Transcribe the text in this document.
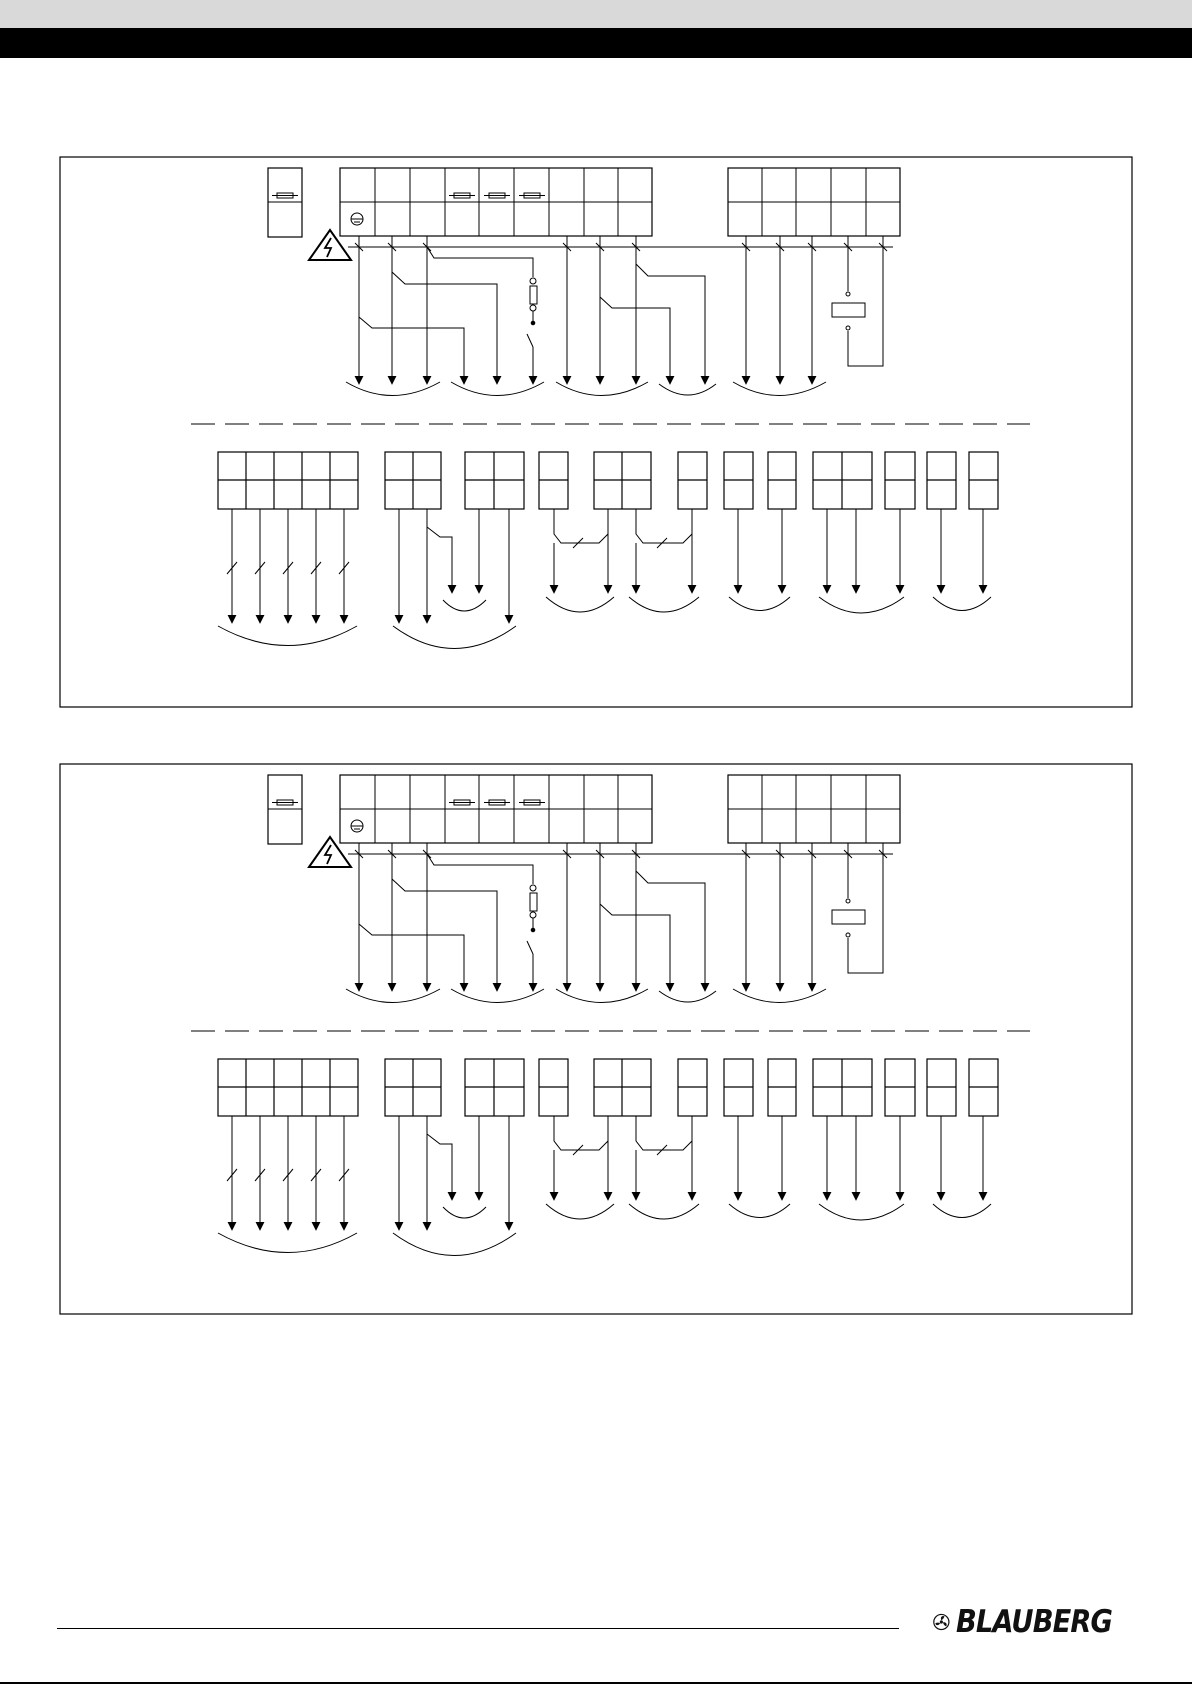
BLAUBERG
